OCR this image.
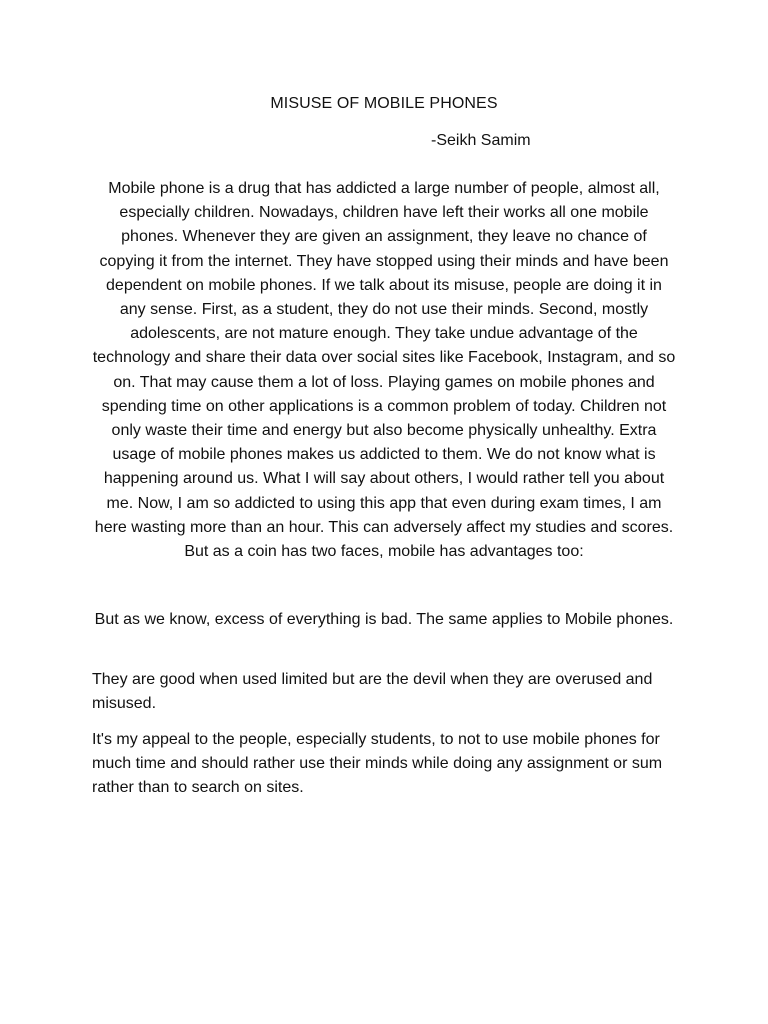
MISUSE OF MOBILE PHONES

-Seikh Samim

Mobile phone is a drug that has addicted a large number of people, almost all, especially children. Nowadays, children have left their works all one mobile phones. Whenever they are given an assignment, they leave no chance of copying it from the internet. They have stopped using their minds and have been dependent on mobile phones. If we talk about its misuse, people are doing it in any sense. First, as a student, they do not use their minds. Second, mostly adolescents, are not mature enough. They take undue advantage of the technology and share their data over social sites like Facebook, Instagram, and so on. That may cause them a lot of loss. Playing games on mobile phones and spending time on other applications is a common problem of today. Children not only waste their time and energy but also become physically unhealthy. Extra usage of mobile phones makes us addicted to them. We do not know what is happening around us. What I will say about others, I would rather tell you about me. Now, I am so addicted to using this app that even during exam times, I am here wasting more than an hour. This can adversely affect my studies and scores. But as a coin has two faces, mobile has advantages too:

But as we know, excess of everything is bad. The same applies to Mobile phones.

They are good when used limited but are the devil when they are overused and misused.

It's my appeal to the people, especially students, to not to use mobile phones for much time and should rather use their minds while doing any assignment or sum rather than to search on sites.
